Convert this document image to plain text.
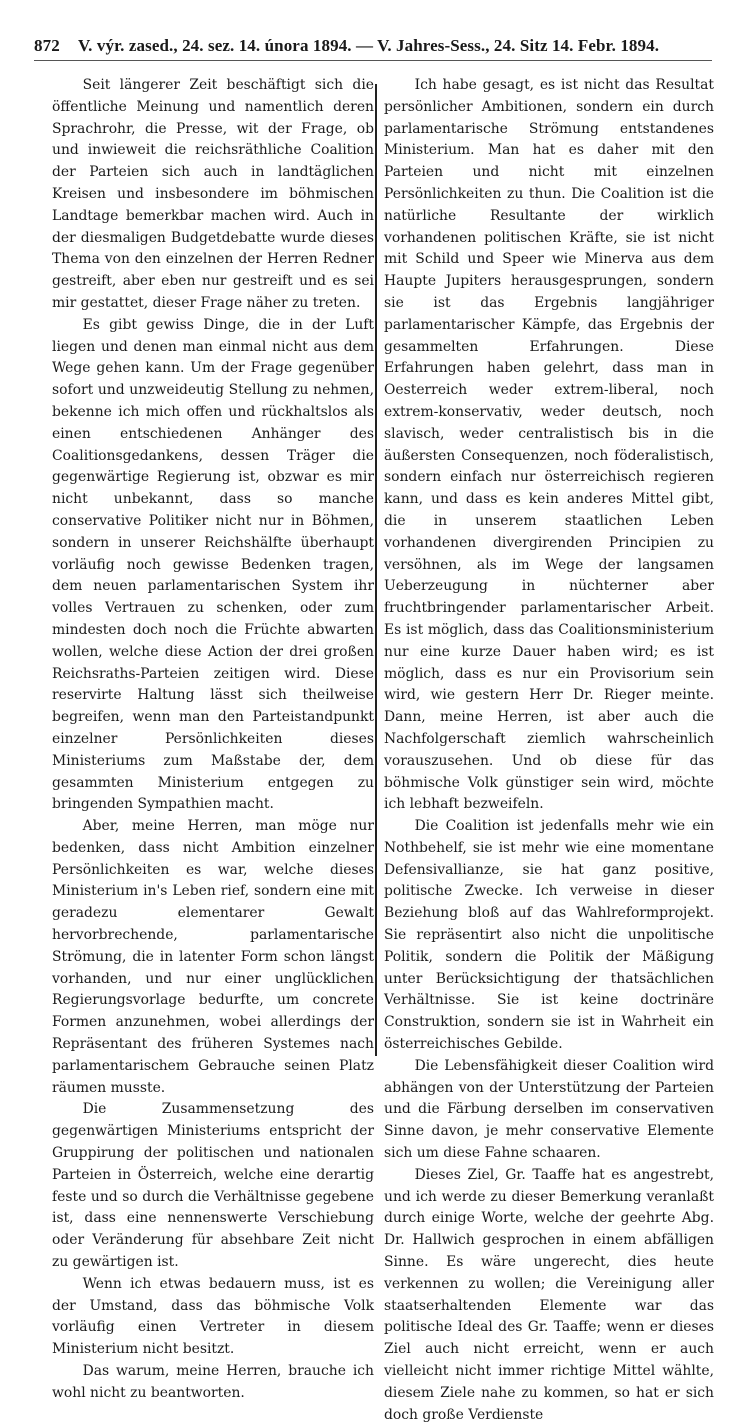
872	V. výr. zased., 24. sez. 14. února 1894. — V. Jahres-Sess., 24. Sitz 14. Febr. 1894.

Seit längerer Zeit beschäftigt sich die öffentliche Meinung und namentlich deren Sprachrohr, die Presse, wit der Frage, ob und inwieweit die reichsräthliche Coalition der Parteien sich auch in landtäglichen Kreisen und insbesondere im böhmischen Landtage bemerkbar machen wird. Auch in der diesmaligen Budgetdebatte wurde dieses Thema von den einzelnen der Herren Redner gestreift, aber eben nur gestreift und es sei mir gestattet, dieser Frage näher zu treten.

Es gibt gewiss Dinge, die in der Luft liegen und denen man einmal nicht aus dem Wege gehen kann. Um der Frage gegenüber sofort und unzweideutig Stellung zu nehmen, bekenne ich mich offen und rückhaltslos als einen entschiedenen Anhänger des Coalitionsgedankens, dessen Träger die gegenwärtige Regierung ist, obzwar es mir nicht unbekannt, dass so manche conservative Politiker nicht nur in Böhmen, sondern in unserer Reichshälfte überhaupt vorläufig noch gewisse Bedenken tragen, dem neuen parlamentarischen System ihr volles Vertrauen zu schenken, oder zum mindesten doch noch die Früchte abwarten wollen, welche diese Action der drei großen Reichsraths-Parteien zeitigen wird. Diese reservirte Haltung lässt sich theilweise begreifen, wenn man den Parteistandpunkt einzelner Persönlichkeiten dieses Ministeriums zum Maßstabe der, dem gesammten Ministerium entgegen zu bringenden Sympathien macht.

Aber, meine Herren, man möge nur bedenken, dass nicht Ambition einzelner Persönlichkeiten es war, welche dieses Ministerium in's Leben rief, sondern eine mit geradezu elementarer Gewalt hervorbrechende, parlamentarische Strömung, die in latenter Form schon längst vorhanden, und nur einer unglücklichen Regierungsvorlage bedurfte, um concrete Formen anzunehmen, wobei allerdings der Repräsentant des früheren Systemes nach parlamentarischem Gebrauche seinen Platz räumen musste.

Die Zusammensetzung des gegenwärtigen Ministeriums entspricht der Gruppirung der politischen und nationalen Parteien in Österreich, welche eine derartig feste und so durch die Verhältnisse gegebene ist, dass eine nennenswerte Verschiebung oder Veränderung für absehbare Zeit nicht zu gewärtigen ist.

Wenn ich etwas bedauern muss, ist es der Umstand, dass das böhmische Volk vorläufig einen Vertreter in diesem Ministerium nicht besitzt.

Das warum, meine Herren, brauche ich wohl nicht zu beantworten.

Ich habe gesagt, es ist nicht das Resultat persönlicher Ambitionen, sondern ein durch parlamentarische Strömung entstandenes Ministerium. Man hat es daher mit den Parteien und nicht mit einzelnen Persönlichkeiten zu thun. Die Coalition ist die natürliche Resultante der wirklich vorhandenen politischen Kräfte, sie ist nicht mit Schild und Speer wie Minerva aus dem Haupte Jupiters herausgesprungen, sondern sie ist das Ergebnis langjähriger parlamentarischer Kämpfe, das Ergebnis der gesammelten Erfahrungen. Diese Erfahrungen haben gelehrt, dass man in Oesterreich weder extrem-liberal, noch extrem-konservativ, weder deutsch, noch slavisch, weder centralistisch bis in die äußersten Consequenzen, noch föderalistisch, sondern einfach nur österreichisch regieren kann, und dass es kein anderes Mittel gibt, die in unserem staatlichen Leben vorhandenen divergirenden Principien zu versöhnen, als im Wege der langsamen Ueberzeugung in nüchterner aber fruchtbringender parlamentarischer Arbeit. Es ist möglich, dass das Coalitionsministerium nur eine kurze Dauer haben wird; es ist möglich, dass es nur ein Provisorium sein wird, wie gestern Herr Dr. Rieger meinte. Dann, meine Herren, ist aber auch die Nachfolgerschaft ziemlich wahrscheinlich vorauszusehen. Und ob diese für das böhmische Volk günstiger sein wird, möchte ich lebhaft bezweifeln.

Die Coalition ist jedenfalls mehr wie ein Nothbehelf, sie ist mehr wie eine momentane Defensivallianze, sie hat ganz positive, politische Zwecke. Ich verweise in dieser Beziehung bloß auf das Wahlreformprojekt. Sie repräsentirt also nicht die unpolitische Politik, sondern die Politik der Mäßigung unter Berücksichtigung der thatsächlichen Verhältnisse. Sie ist keine doctrinäre Construktion, sondern sie ist in Wahrheit ein österreichisches Gebilde.

Die Lebensfähigkeit dieser Coalition wird abhängen von der Unterstützung der Parteien und die Färbung derselben im conservativen Sinne davon, je mehr conservative Elemente sich um diese Fahne schaaren.

Dieses Ziel, Gr. Taaffe hat es angestrebt, und ich werde zu dieser Bemerkung veranlaßt durch einige Worte, welche der geehrte Abg. Dr. Hallwich gesprochen in einem abfälligen Sinne. Es wäre ungerecht, dies heute verkennen zu wollen; die Vereinigung aller staatserhaltenden Elemente war das politische Ideal des Gr. Taaffe; wenn er dieses Ziel auch nicht erreicht, wenn er auch vielleicht nicht immer richtige Mittel wählte, diesem Ziele nahe zu kommen, so hat er sich doch große Verdienste
